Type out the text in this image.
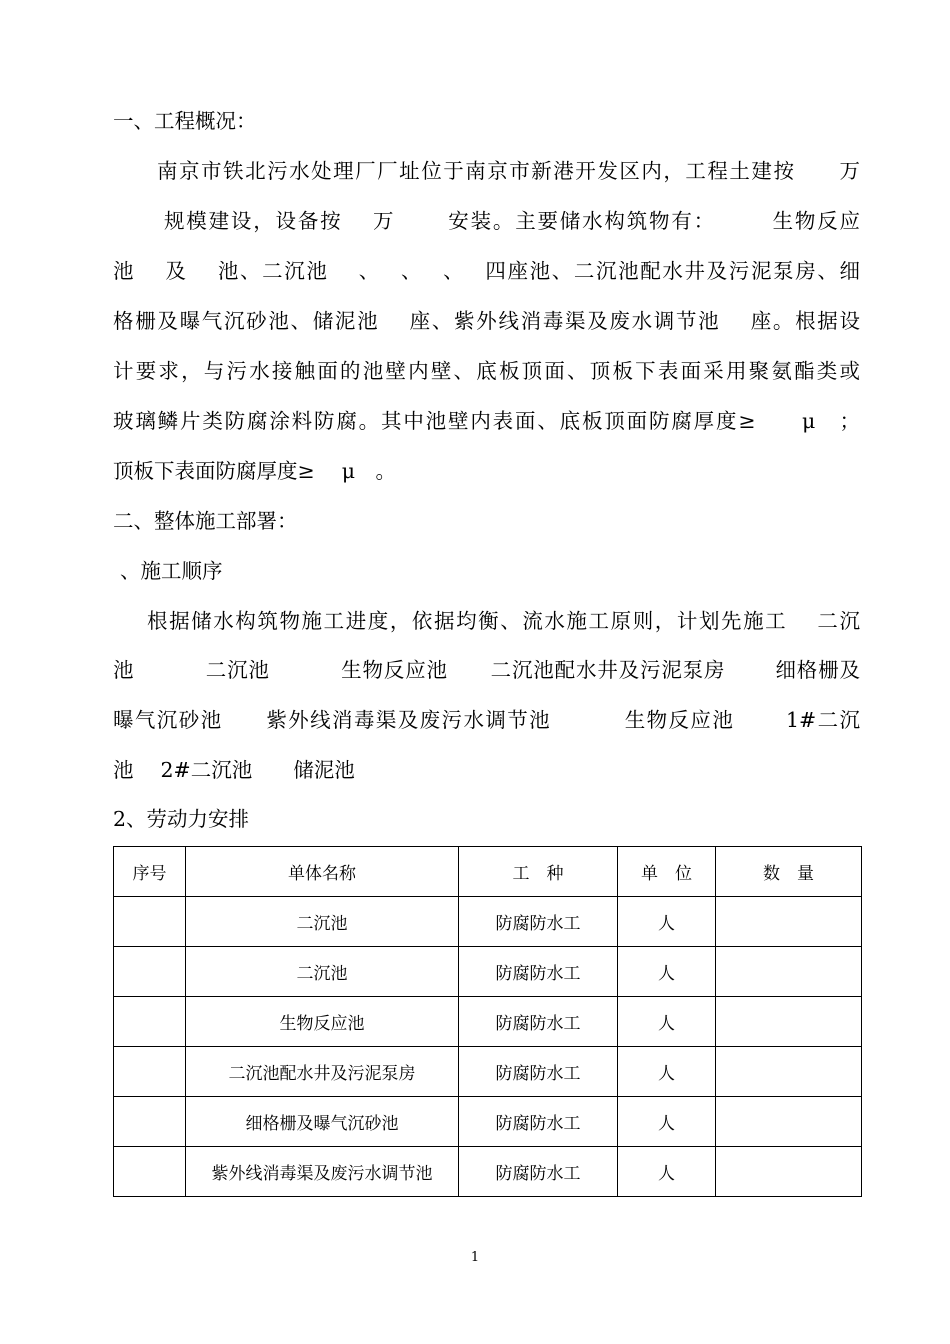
一、工程概况：
南京市铁北污水处理厂厂址位于南京市新港开发区内，工程土建按　　万
规模建设，设备按　 万　　 安装。主要储水构筑物有：　　　生物反应
池　 及　 池、二沉池　 、　 、　 、　 四座池、二沉池配水井及污泥泵房、细
格栅及曝气沉砂池、储泥池　 座、紫外线消毒渠及废水调节池　 座。根据设
计要求，与污水接触面的池壁内壁、底板顶面、顶板下表面采用聚氨酯类或
玻璃鳞片类防腐涂料防腐。其中池壁内表面、底板顶面防腐厚度≥　　μ　；
顶板下表面防腐厚度≥　 μ　。
二、整体施工部署：
、施工顺序
根据储水构筑物施工进度，依据均衡、流水施工原则，计划先施工　 二沉
池　　　 二沉池　　　 生物反应池　　二沉池配水井及污泥泵房　　 细格栅及
曝气沉砂池　　紫外线消毒渠及废污水调节池　　　 生物反应池　　 1#二沉
池　 2#二沉池　　储泥池
2、劳动力安排
序号	单体名称	工　种	单　位	数　量
	二沉池	防腐防水工	人	
	二沉池	防腐防水工	人	
	生物反应池	防腐防水工	人	
	二沉池配水井及污泥泵房	防腐防水工	人	
	细格栅及曝气沉砂池	防腐防水工	人	
	紫外线消毒渠及废污水调节池	防腐防水工	人	
1
